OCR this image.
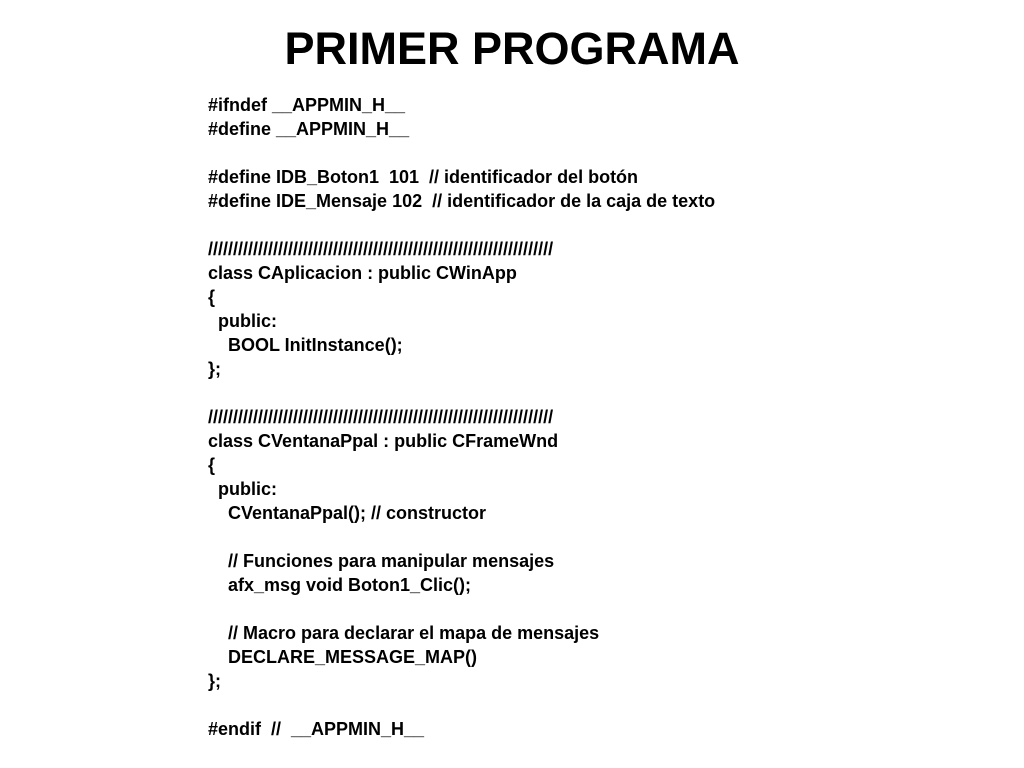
PRIMER PROGRAMA
#ifndef __APPMIN_H__
#define __APPMIN_H__
#define IDB_Boton1  101  // identificador del botón
#define IDE_Mensaje 102  // identificador de la caja de texto
/////////////////////////////////////////////////////////////////////
class CAplicacion : public CWinApp
{
public:
BOOL InitInstance();
};
/////////////////////////////////////////////////////////////////////
class CVentanaPpal : public CFrameWnd
{
public:
CVentanaPpal(); // constructor
// Funciones para manipular mensajes
afx_msg void Boton1_Clic();
// Macro para declarar el mapa de mensajes
DECLARE_MESSAGE_MAP()
};
#endif  //  __APPMIN_H__
